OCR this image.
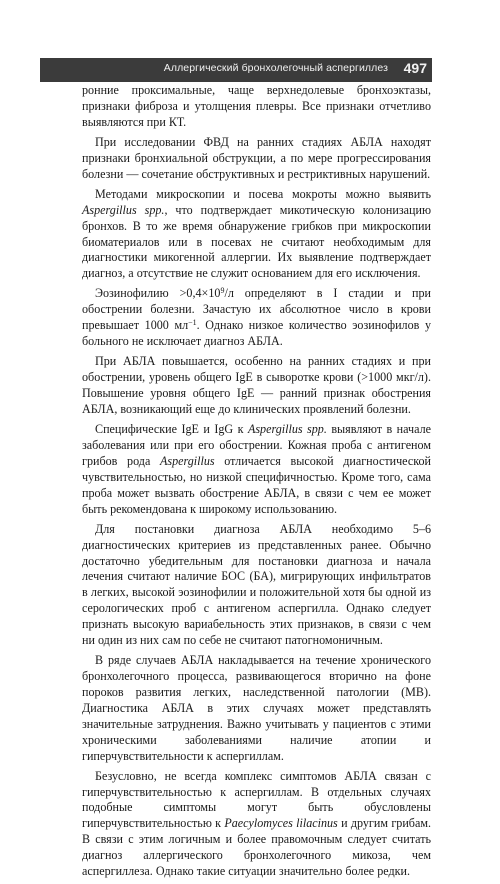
Аллергический бронхолегочный аспергиллез 497

ронние проксимальные, чаще верхнедолевые бронхоэктазы, признаки фиброза и утолщения плевры. Все признаки отчетливо выявляются при КТ.

При исследовании ФВД на ранних стадиях АБЛА находят признаки бронхиальной обструкции, а по мере прогрессирования болезни — сочетание обструктивных и рестриктивных нарушений.

Методами микроскопии и посева мокроты можно выявить Aspergillus spp., что подтверждает микотическую колонизацию бронхов. В то же время обнаружение грибков при микроскопии биоматериалов или в посевах не считают необходимым для диагностики микогенной аллергии. Их выявление подтверждает диагноз, а отсутствие не служит основанием для его исключения.

Эозинофилию $>0,4\times 10^9/л$ определяют в I стадии и при обострении болезни. Зачастую их абсолютное число в крови превышает 1000 $мл^{-1}$. Однако низкое количество эозинофилов у больного не исключает диагноз АБЛА.

При АБЛА повышается, особенно на ранних стадиях и при обострении, уровень общего IgE в сыворотке крови (>1000 мкг/л). Повышение уровня общего IgE — ранний признак обострения АБЛА, возникающий еще до клинических проявлений болезни.

Специфические IgE и IgG к Aspergillus spp. выявляют в начале заболевания или при его обострении. Кожная проба с антигеном грибов рода Aspergillus отличается высокой диагностической чувствительностью, но низкой специфичностью. Кроме того, сама проба может вызвать обострение АБЛА, в связи с чем ее может быть рекомендована к широкому использованию.

Для постановки диагноза АБЛА необходимо 5–6 диагностических критериев из представленных ранее. Обычно достаточно убедительным для постановки диагноза и начала лечения считают наличие БОС (БА), мигрирующих инфильтратов в легких, высокой эозинофилии и положительной хотя бы одной из серологических проб с антигеном аспергилла. Однако следует признать высокую вариабельность этих признаков, в связи с чем ни один из них сам по себе не считают патогномоничным.

В ряде случаев АБЛА накладывается на течение хронического бронхолегочного процесса, развивающегося вторично на фоне пороков развития легких, наследственной патологии (МВ). Диагностика АБЛА в этих случаях может представлять значительные затруднения. Важно учитывать у пациентов с этими хроническими заболеваниями наличие атопии и гиперчувствительности к аспергиллам.

Безусловно, не всегда комплекс симптомов АБЛА связан с гиперчувствительностью к аспергиллам. В отдельных случаях подобные симптомы могут быть обусловлены гиперчувствительностью к Paecylomyces lilacinus и другим грибам. В связи с этим логичным и более правомочным следует считать диагноз аллергического бронхолегочного микоза, чем аспергиллеза. Однако такие ситуации значительно более редки.
